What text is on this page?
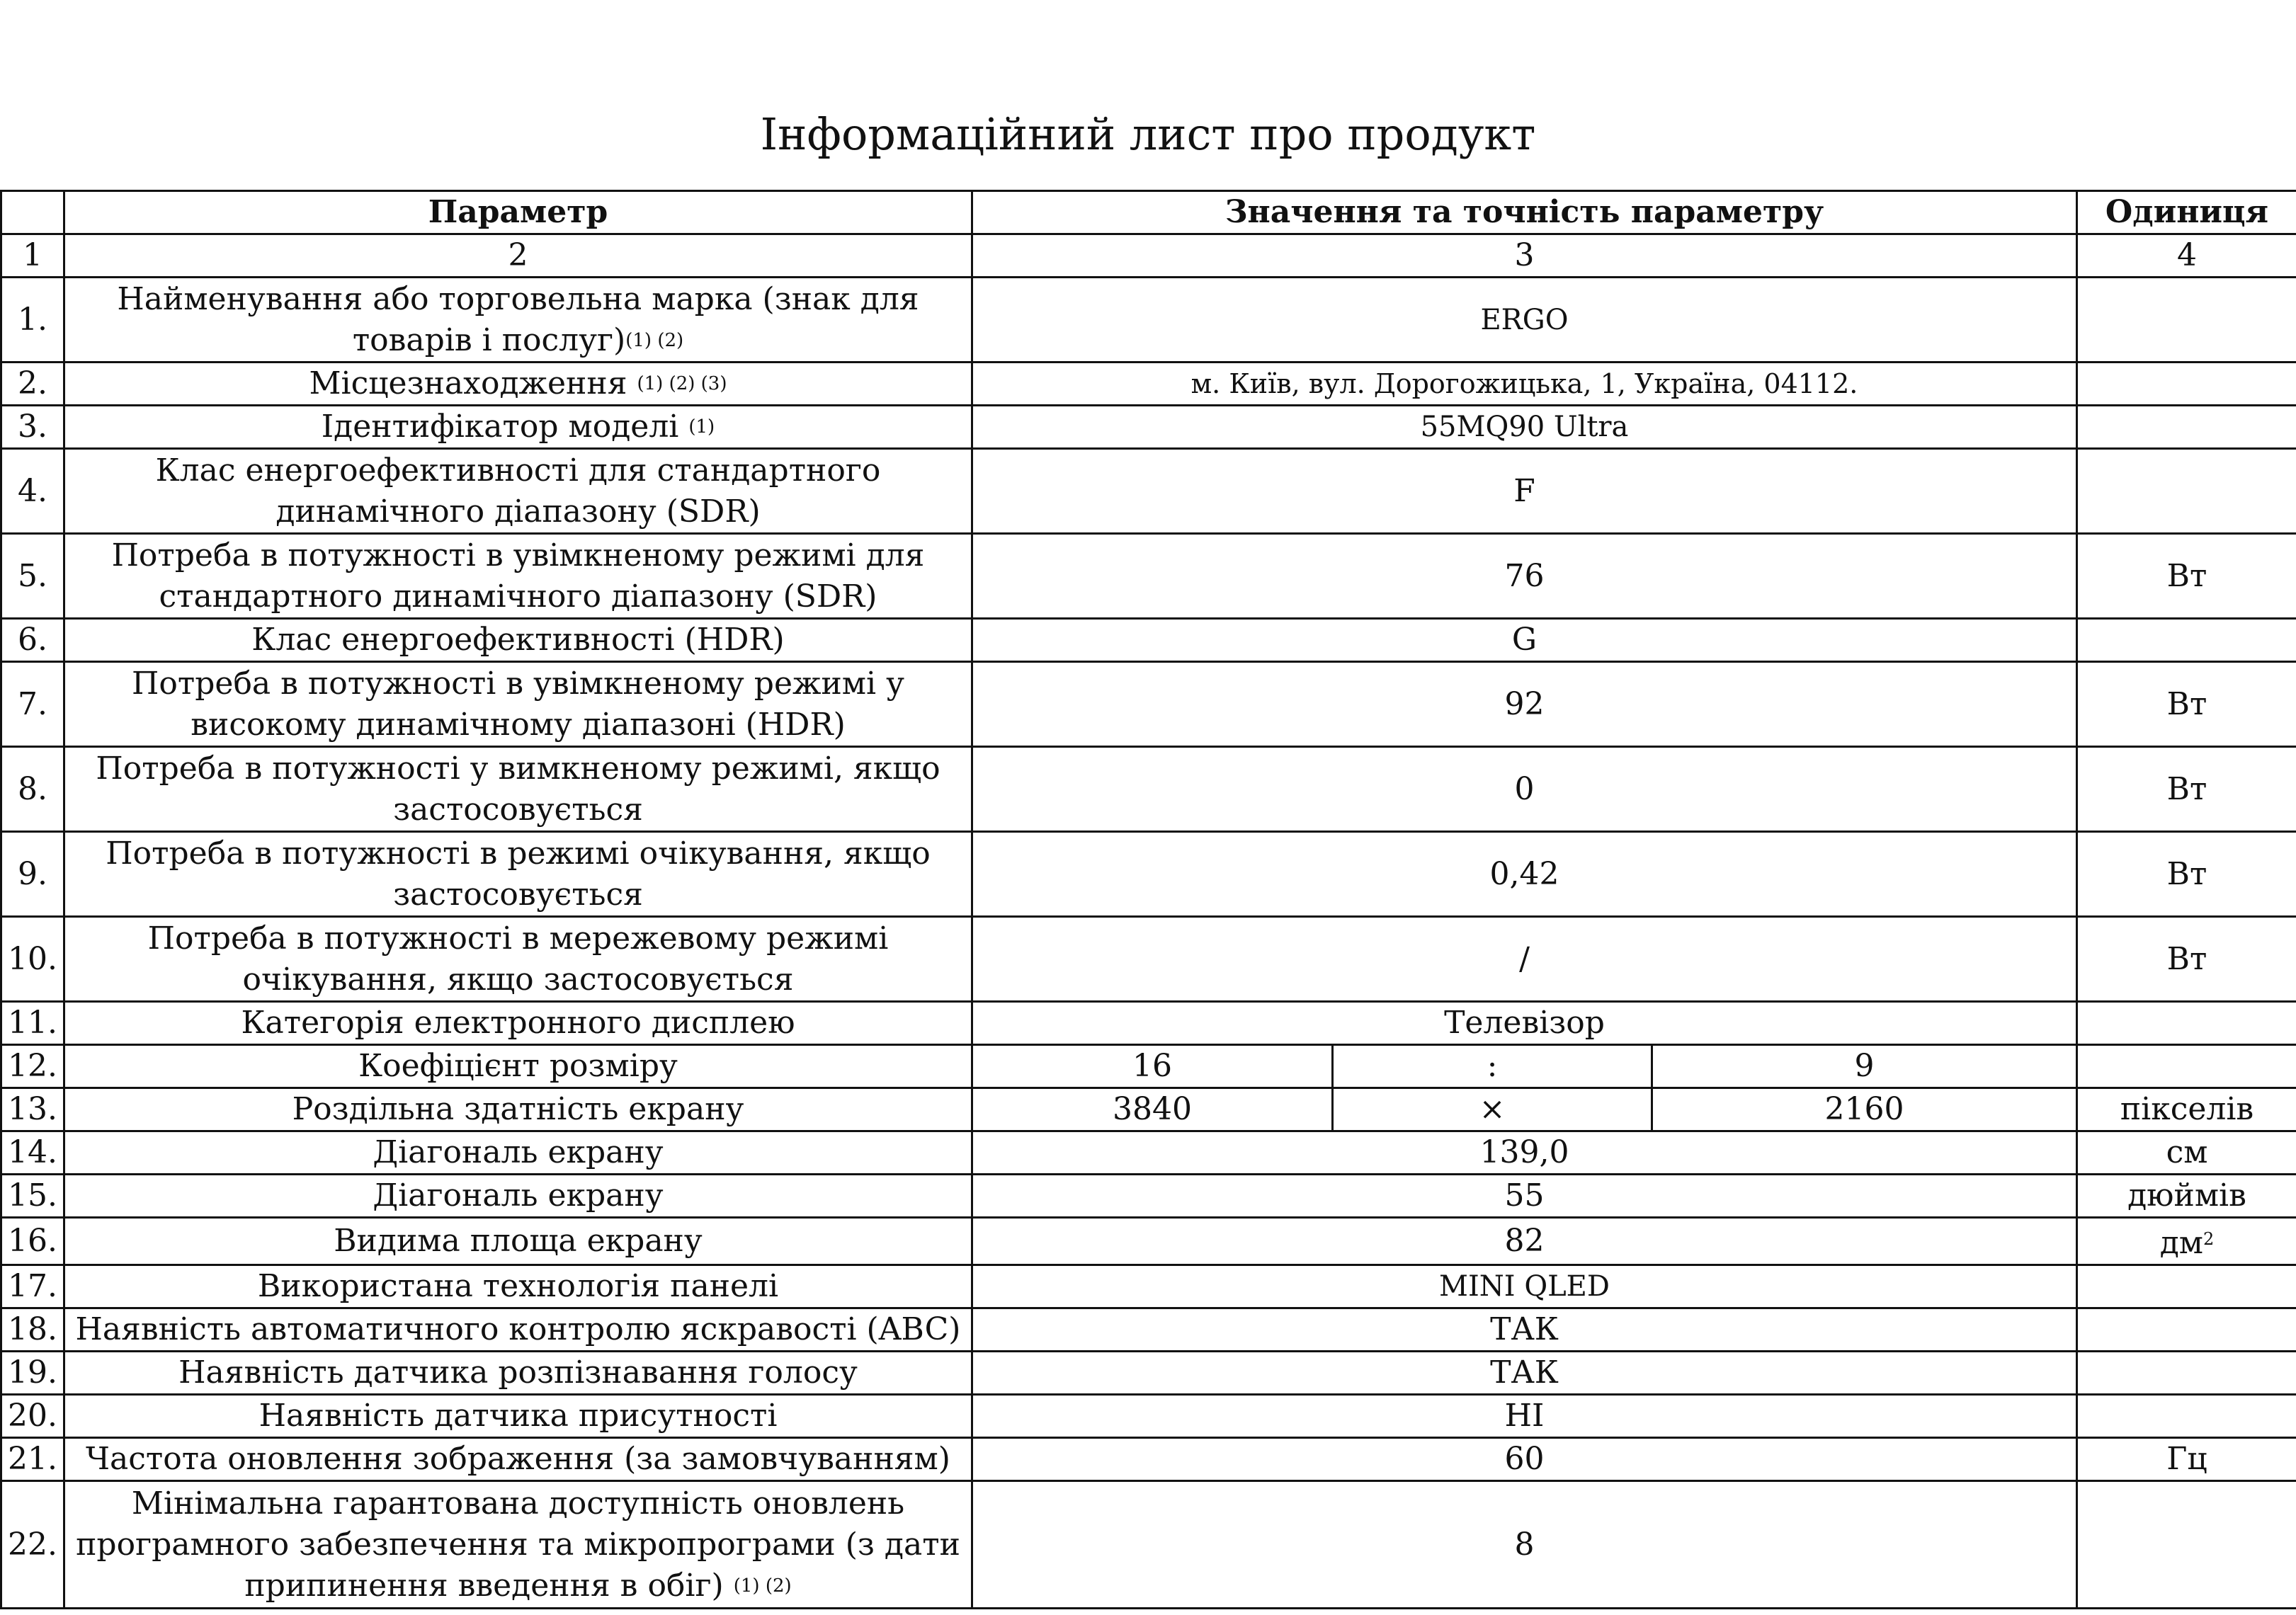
Інформаційний лист про продукт
	Параметр	Значення та точність параметру			Одиниця
1	2	3			4
1.	Найменування або торговельна марка (знак для товарів і послуг)(1) (2)	ERGO			
2.	Місцезнаходження (1) (2) (3)	м. Київ, вул. Дорогожицька, 1, Україна, 04112.			
3.	Ідентифікатор моделі (1)	55MQ90 Ultra			
4.	Клас енергоефективності для стандартного динамічного діапазону (SDR)	F			
5.	Потреба в потужності в увімкненому режимі для стандартного динамічного діапазону (SDR)	76			Вт
6.	Клас енергоефективності (HDR)	G			
7.	Потреба в потужності в увімкненому режимі у високому динамічному діапазоні (HDR)	92			Вт
8.	Потреба в потужності у вимкненому режимі, якщо застосовується	0			Вт
9.	Потреба в потужності в режимі очікування, якщо застосовується	0,42			Вт
10.	Потреба в потужності в мережевому режимі очікування, якщо застосовується	/			Вт
11.	Категорія електронного дисплею	Телевізор			
12.	Коефіцієнт розміру	16	:	9	
13.	Роздільна здатність екрану	3840	×	2160	пікселів
14.	Діагональ екрану	139,0			см
15.	Діагональ екрану	55			дюймів
16.	Видима площа екрану	82			$дм^2$
17.	Використана технологія панелі	MINI QLED			
18.	Наявність автоматичного контролю яскравості (ABC)	ТАК			
19.	Наявність датчика розпізнавання голосу	ТАК			
20.	Наявність датчика присутності	НІ			
21.	Частота оновлення зображення (за замовчуванням)	60			Гц
22.	Мінімальна гарантована доступність оновлень програмного забезпечення та мікропрограми (з дати припинення введення в обіг) (1) (2)	8			
